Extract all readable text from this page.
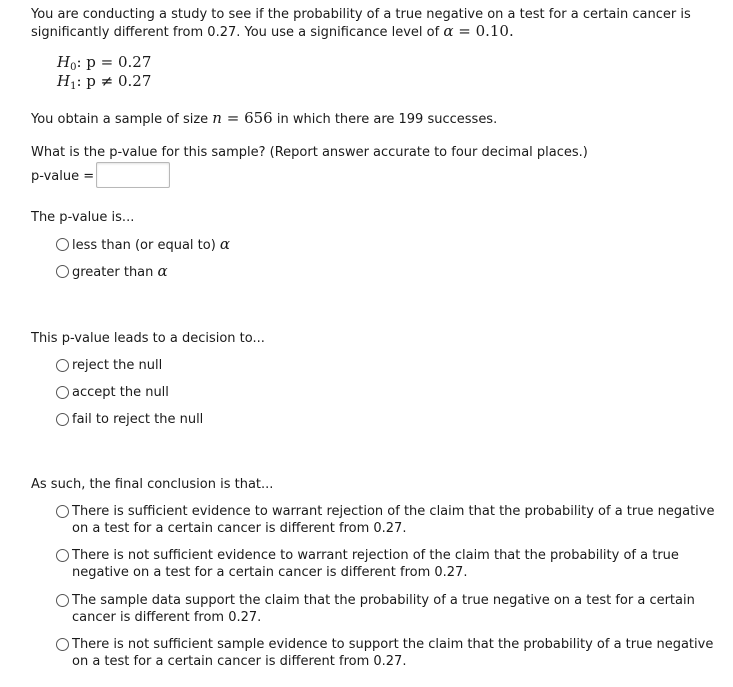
You are conducting a study to see if the probability of a true negative on a test for a certain cancer is significantly different from 0.27. You use a significance level of α = 0.10.
$H_0$: p = 0.27
$H_1$: p ≠ 0.27
You obtain a sample of size n = 656 in which there are 199 successes.
What is the p-value for this sample? (Report answer accurate to four decimal places.)
p-value =
The p-value is...
less than (or equal to) α
greater than α
This p-value leads to a decision to...
reject the null
accept the null
fail to reject the null
As such, the final conclusion is that...
There is sufficient evidence to warrant rejection of the claim that the probability of a true negative on a test for a certain cancer is different from 0.27.
There is not sufficient evidence to warrant rejection of the claim that the probability of a true negative on a test for a certain cancer is different from 0.27.
The sample data support the claim that the probability of a true negative on a test for a certain cancer is different from 0.27.
There is not sufficient sample evidence to support the claim that the probability of a true negative on a test for a certain cancer is different from 0.27.
